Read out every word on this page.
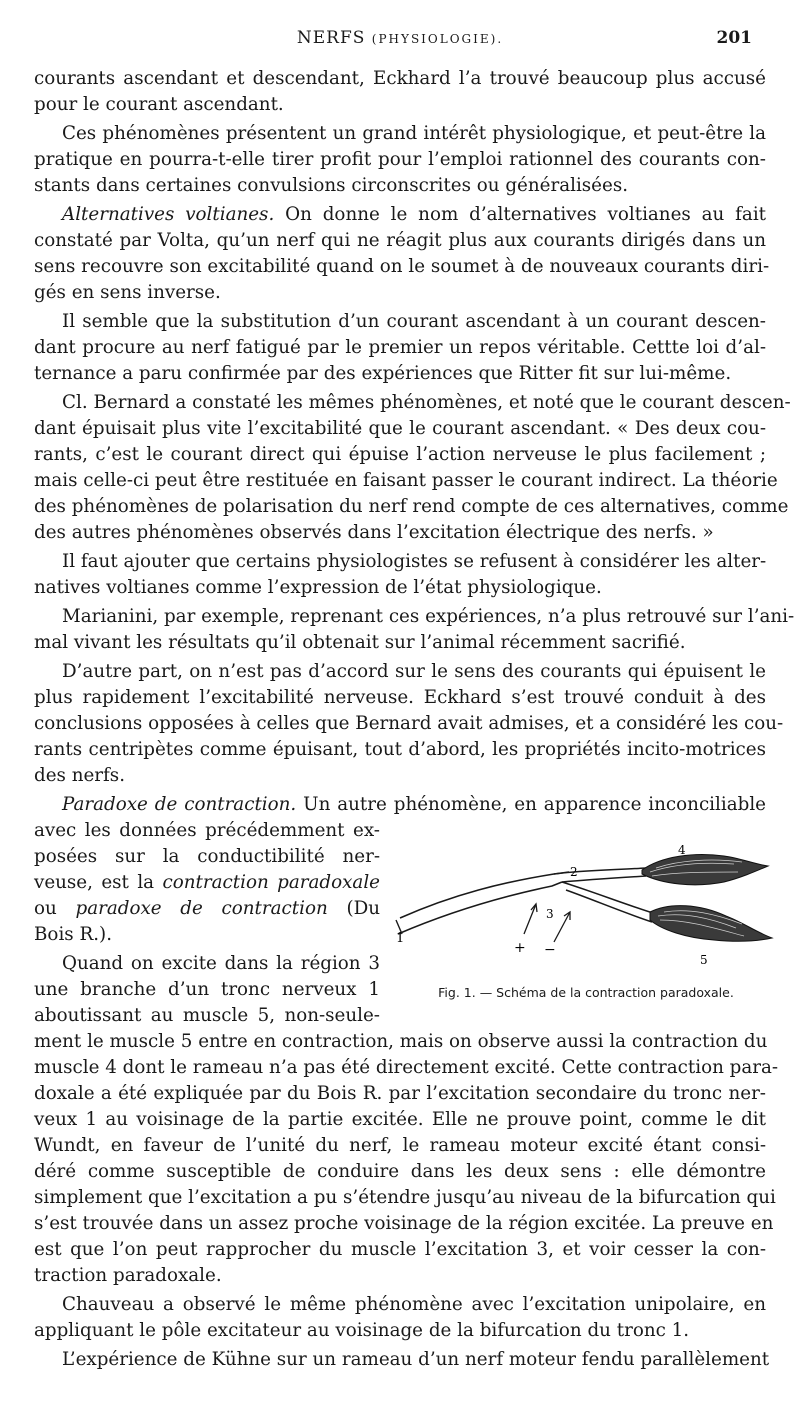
NERFS (PHYSIOLOGIE).	201
courants ascendant et descendant, Eckhard l’a trouvé beaucoup plus accusé
pour le courant ascendant.
Ces phénomènes présentent un grand intérêt physiologique, et peut-être la
pratique en pourra-t-elle tirer profit pour l’emploi rationnel des courants con-
stants dans certaines convulsions circonscrites ou généralisées.
Alternatives voltianes. On donne le nom d’alternatives voltianes au fait
constaté par Volta, qu’un nerf qui ne réagit plus aux courants dirigés dans un
sens recouvre son excitabilité quand on le soumet à de nouveaux courants diri-
gés en sens inverse.
Il semble que la substitution d’un courant ascendant à un courant descen-
dant procure au nerf fatigué par le premier un repos véritable. Cettte loi d’al-
ternance a paru confirmée par des expériences que Ritter fit sur lui-même.
Cl. Bernard a constaté les mêmes phénomènes, et noté que le courant descen-
dant épuisait plus vite l’excitabilité que le courant ascendant. « Des deux cou-
rants, c’est le courant direct qui épuise l’action nerveuse le plus facilement ;
mais celle-ci peut être restituée en faisant passer le courant indirect. La théorie
des phénomènes de polarisation du nerf rend compte de ces alternatives, comme
des autres phénomènes observés dans l’excitation électrique des nerfs. »
Il faut ajouter que certains physiologistes se refusent à considérer les alter-
natives voltianes comme l’expression de l’état physiologique.
Marianini, par exemple, reprenant ces expériences, n’a plus retrouvé sur l’ani-
mal vivant les résultats qu’il obtenait sur l’animal récemment sacrifié.
D’autre part, on n’est pas d’accord sur le sens des courants qui épuisent le
plus rapidement l’excitabilité nerveuse. Eckhard s’est trouvé conduit à des
conclusions opposées à celles que Bernard avait admises, et a considéré les cou-
rants centripètes comme épuisant, tout d’abord, les propriétés incito-motrices
des nerfs.
Paradoxe de contraction. Un autre phénomène, en apparence inconciliable
avec les données précédemment ex-
posées sur la conductibilité ner-
veuse, est la contraction paradoxale
ou paradoxe de contraction (Du
Bois R.).
Quand on excite dans la région 3
une branche d’un tronc nerveux 1
aboutissant au muscle 5, non-seule-
ment le muscle 5 entre en contraction, mais on observe aussi la contraction du
muscle 4 dont le rameau n’a pas été directement excité. Cette contraction para-
doxale a été expliquée par du Bois R. par l’excitation secondaire du tronc ner-
veux 1 au voisinage de la partie excitée. Elle ne prouve point, comme le dit
Wundt, en faveur de l’unité du nerf, le rameau moteur excité étant consi-
déré comme susceptible de conduire dans les deux sens : elle démontre
simplement que l’excitation a pu s’étendre jusqu’au niveau de la bifurcation qui
s’est trouvée dans un assez proche voisinage de la région excitée. La preuve en
est que l’on peut rapprocher du muscle l’excitation 3, et voir cesser la con-
traction paradoxale.
Chauveau a observé le même phénomène avec l’excitation unipolaire, en
appliquant le pôle excitateur au voisinage de la bifurcation du tronc 1.
L’expérience de Kühne sur un rameau d’un nerf moteur fendu parallèlement
1
2
3
4
5
+ −
Fig. 1. — Schéma de la contraction paradoxale.
